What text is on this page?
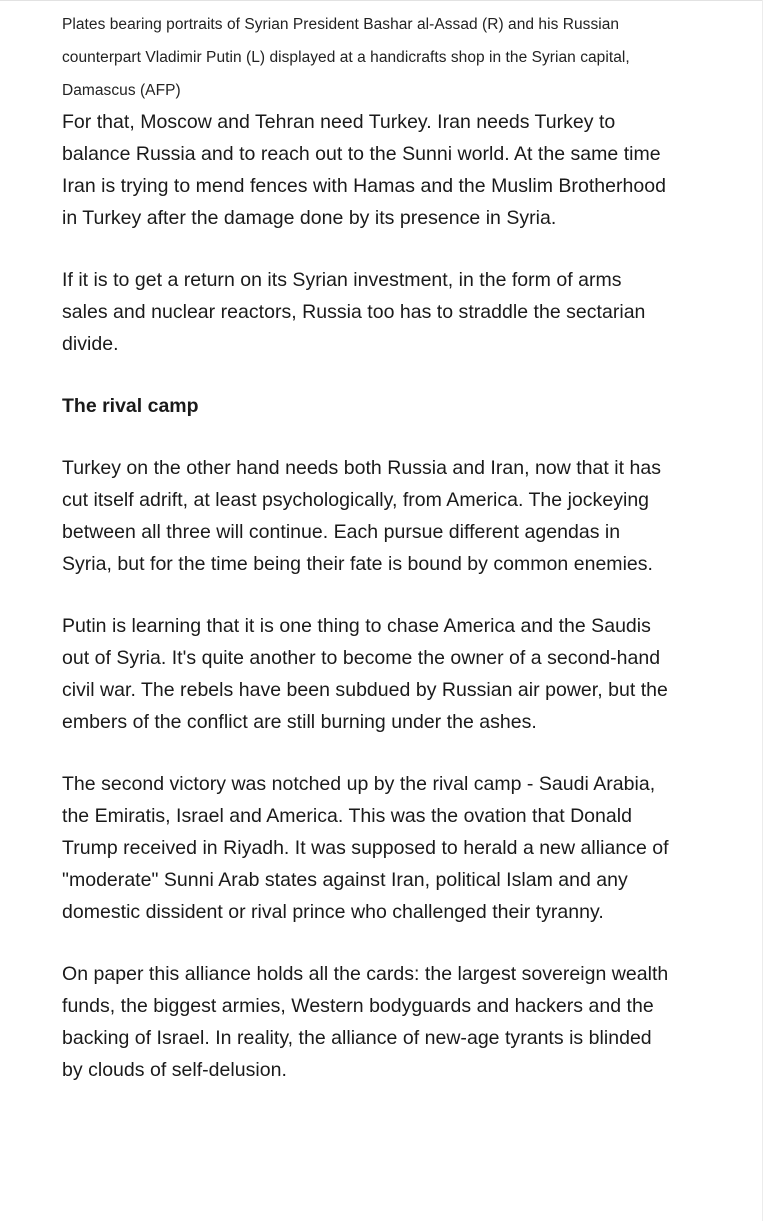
Plates bearing portraits of Syrian President Bashar al-Assad (R) and his Russian counterpart Vladimir Putin (L) displayed at a handicrafts shop in the Syrian capital, Damascus (AFP)

For that, Moscow and Tehran need Turkey. Iran needs Turkey to balance Russia and to reach out to the Sunni world. At the same time Iran is trying to mend fences with Hamas and the Muslim Brotherhood in Turkey after the damage done by its presence in Syria.

If it is to get a return on its Syrian investment, in the form of arms sales and nuclear reactors, Russia too has to straddle the sectarian divide.

The rival camp

Turkey on the other hand needs both Russia and Iran, now that it has cut itself adrift, at least psychologically, from America. The jockeying between all three will continue. Each pursue different agendas in Syria, but for the time being their fate is bound by common enemies.

Putin is learning that it is one thing to chase America and the Saudis out of Syria. It's quite another to become the owner of a second-hand civil war. The rebels have been subdued by Russian air power, but the embers of the conflict are still burning under the ashes.

The second victory was notched up by the rival camp - Saudi Arabia, the Emiratis, Israel and America. This was the ovation that Donald Trump received in Riyadh. It was supposed to herald a new alliance of "moderate" Sunni Arab states against Iran, political Islam and any domestic dissident or rival prince who challenged their tyranny.

On paper this alliance holds all the cards: the largest sovereign wealth funds, the biggest armies, Western bodyguards and hackers and the backing of Israel. In reality, the alliance of new-age tyrants is blinded by clouds of self-delusion.
